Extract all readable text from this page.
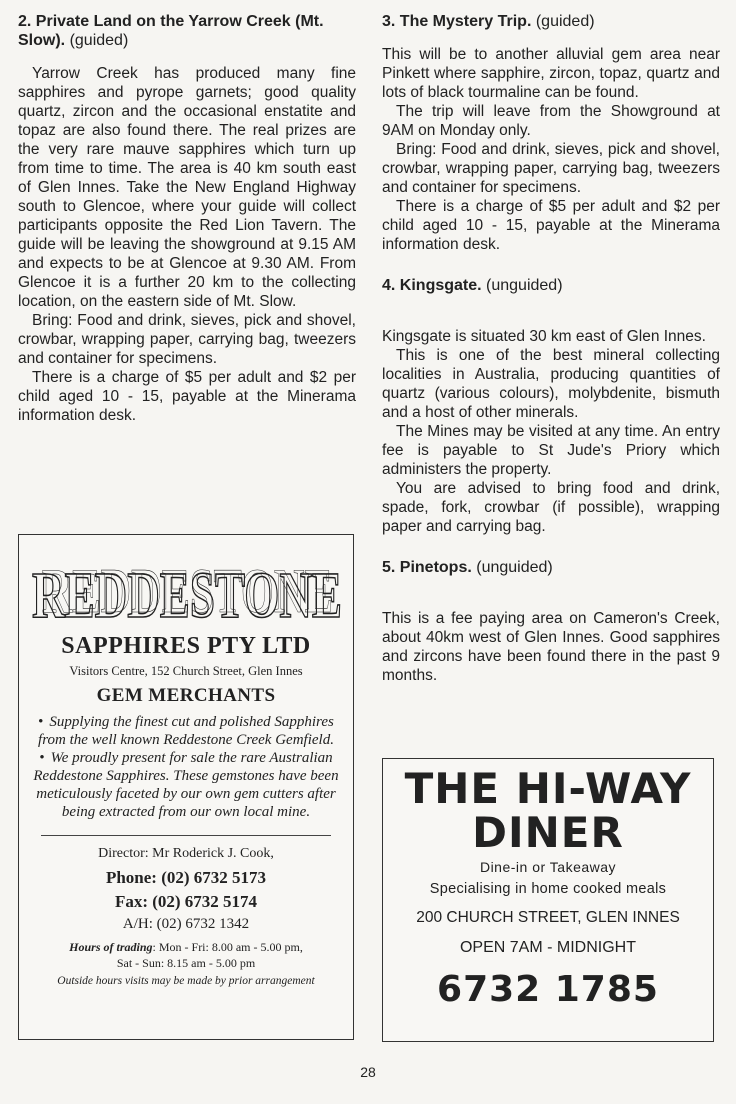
2. Private Land on the Yarrow Creek (Mt. Slow). (guided)

Yarrow Creek has produced many fine sapphires and pyrope garnets; good quality quartz, zircon and the occasional enstatite and topaz are also found there. The real prizes are the very rare mauve sapphires which turn up from time to time. The area is 40 km south east of Glen Innes. Take the New England Highway south to Glencoe, where your guide will collect participants opposite the Red Lion Tavern. The guide will be leaving the showground at 9.15 AM and expects to be at Glencoe at 9.30 AM. From Glencoe it is a further 20 km to the collecting location, on the eastern side of Mt. Slow.

Bring: Food and drink, sieves, pick and shovel, crowbar, wrapping paper, carrying bag, tweezers and container for specimens.

There is a charge of $5 per adult and $2 per child aged 10 - 15, payable at the Minerama information desk.

3. The Mystery Trip. (guided)

This will be to another alluvial gem area near Pinkett where sapphire, zircon, topaz, quartz and lots of black tourmaline can be found.

The trip will leave from the Showground at 9AM on Monday only.

Bring: Food and drink, sieves, pick and shovel, crowbar, wrapping paper, carrying bag, tweezers and container for specimens.

There is a charge of $5 per adult and $2 per child aged 10 - 15, payable at the Minerama information desk.

4. Kingsgate. (unguided)

Kingsgate is situated 30 km east of Glen Innes.

This is one of the best mineral collecting localities in Australia, producing quantities of quartz (various colours), molybdenite, bismuth and a host of other minerals.

The Mines may be visited at any time. An entry fee is payable to St Jude's Priory which administers the property.

You are advised to bring food and drink, spade, fork, crowbar (if possible), wrapping paper and carrying bag.

5. Pinetops. (unguided)

This is a fee paying area on Cameron's Creek, about 40km west of Glen Innes. Good sapphires and zircons have been found there in the past 9 months.

REDDESTONE
REDDESTONE
SAPPHIRES PTY LTD
Visitors Centre, 152 Church Street, Glen Innes
GEM MERCHANTS
• Supplying the finest cut and polished Sapphires from the well known Reddestone Creek Gemfield.
• We proudly present for sale the rare Australian Reddestone Sapphires. These gemstones have been meticulously faceted by our own gem cutters after being extracted from our own local mine.
Director: Mr Roderick J. Cook,
Phone: (02) 6732 5173
Fax: (02) 6732 5174
A/H: (02) 6732 1342
Hours of trading: Mon - Fri: 8.00 am - 5.00 pm,
Sat - Sun: 8.15 am - 5.00 pm
Outside hours visits may be made by prior arrangement
THE HI-WAY
DINER
Dine-in or Takeaway
Specialising in home cooked meals
200 CHURCH STREET, GLEN INNES
OPEN 7AM - MIDNIGHT
6732 1785
28
